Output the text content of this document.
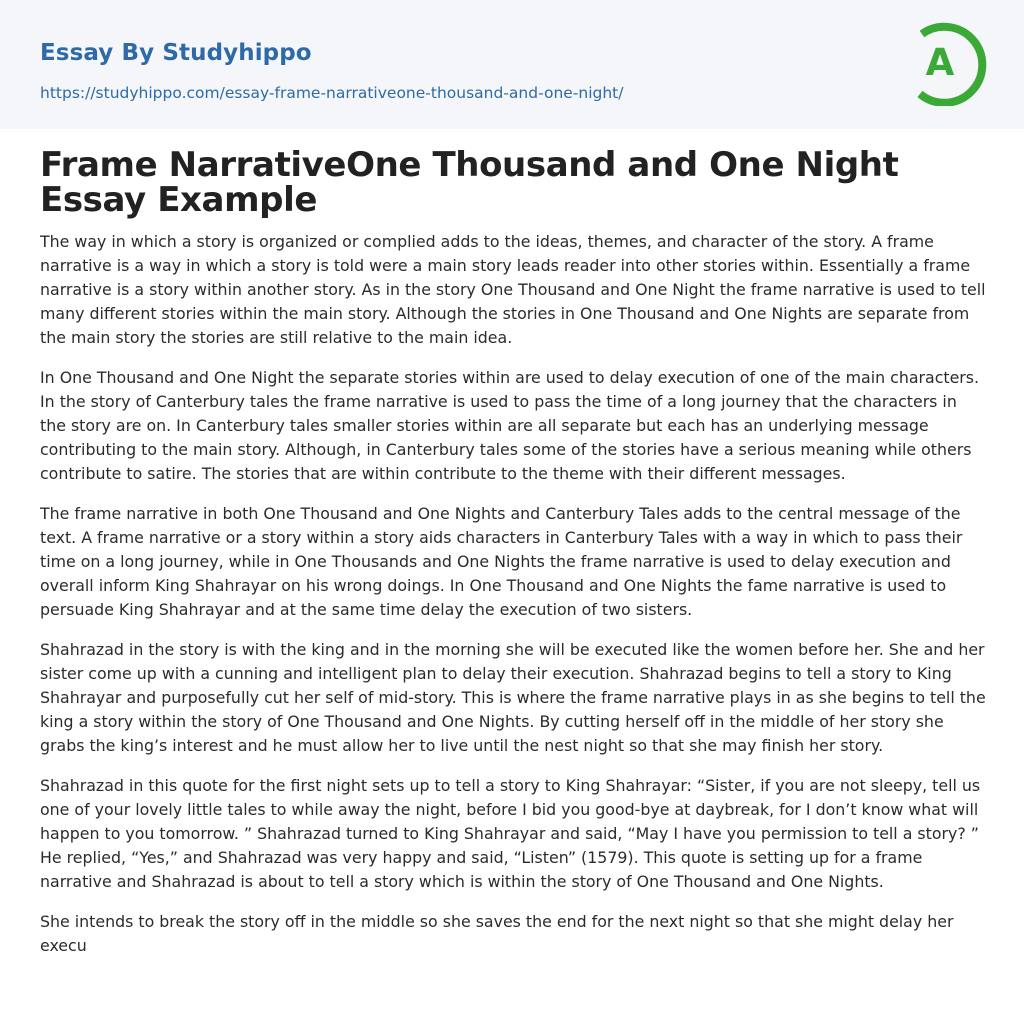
Essay By Studyhippo
https://studyhippo.com/essay-frame-narrativeone-thousand-and-one-night/
A
Frame NarrativeOne Thousand and One Night Essay Example

The way in which a story is organized or complied adds to the ideas, themes, and character of the story. A frame narrative is a way in which a story is told were a main story leads reader into other stories within. Essentially a frame narrative is a story within another story. As in the story One Thousand and One Night the frame narrative is used to tell many different stories within the main story. Although the stories in One Thousand and One Nights are separate from the main story the stories are still relative to the main idea.

In One Thousand and One Night the separate stories within are used to delay execution of one of the main characters. In the story of Canterbury tales the frame narrative is used to pass the time of a long journey that the characters in the story are on. In Canterbury tales smaller stories within are all separate but each has an underlying message contributing to the main story. Although, in Canterbury tales some of the stories have a serious meaning while others contribute to satire. The stories that are within contribute to the theme with their different messages.

The frame narrative in both One Thousand and One Nights and Canterbury Tales adds to the central message of the text. A frame narrative or a story within a story aids characters in Canterbury Tales with a way in which to pass their time on a long journey, while in One Thousands and One Nights the frame narrative is used to delay execution and overall inform King Shahrayar on his wrong doings. In One Thousand and One Nights the fame narrative is used to persuade King Shahrayar and at the same time delay the execution of two sisters.

Shahrazad in the story is with the king and in the morning she will be executed like the women before her. She and her sister come up with a cunning and intelligent plan to delay their execution. Shahrazad begins to tell a story to King Shahrayar and purposefully cut her self of mid-story. This is where the frame narrative plays in as she begins to tell the king a story within the story of One Thousand and One Nights. By cutting herself off in the middle of her story she grabs the king’s interest and he must allow her to live until the nest night so that she may finish her story.

Shahrazad in this quote for the first night sets up to tell a story to King Shahrayar: “Sister, if you are not sleepy, tell us one of your lovely little tales to while away the night, before I bid you good-bye at daybreak, for I don’t know what will happen to you tomorrow. ” Shahrazad turned to King Shahrayar and said, “May I have you permission to tell a story? ” He replied, “Yes,” and Shahrazad was very happy and said, “Listen” (1579). This quote is setting up for a frame narrative and Shahrazad is about to tell a story which is within the story of One Thousand and One Nights.

She intends to break the story off in the middle so she saves the end for the next night so that she might delay her execu
